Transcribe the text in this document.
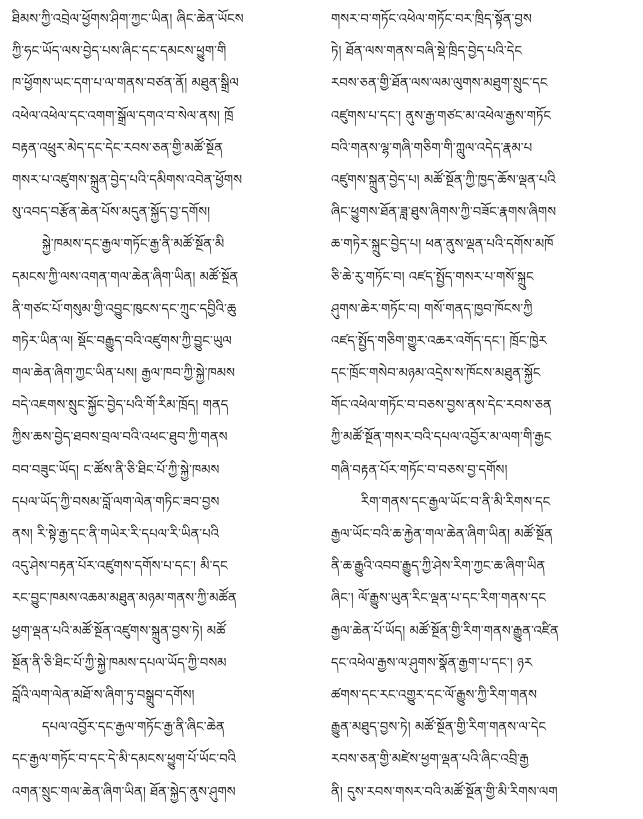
ཐིམས་ཀྱི་འབྲེལ་ཕྱོགས་ཤིག་ཀྱང་ཡིན། ཞིང་ཆེན་ཡོངས
ཀྱི་ཧང་ཡོད་ལས་བྱེད་པས་ཞིང་དང་དམངས་ཕྱུག་གི
ཁ་ཕྱོགས་ཡང་དག་པ་ལ་གནས་བཙན་ནོ། མཐུན་སྒྲིལ
འཕེལ་འཕེལ་དང་འགག་སྒྲོལ་དགའ་བ་སེལ་ནས། ཁྲོ
བརྟན་འཕྲུར་མེད་དང་དེང་རབས་ཅན་གྱི་མཚོ་སྔོན
གསར་པ་འཛུགས་སྐྲུན་བྱེད་པའི་དམིགས་འབེན་ཕྱོགས
སུ་འབད་བརྩོན་ཆེན་པོས་མདུན་སྐྱོད་བྱ་དགོས།
སྐྱེ་ཁམས་དང་རྒྱལ་གཏོང་རྒྱ་ནི་མཚོ་སྔོན་མི
དམངས་ཀྱི་ལས་འགན་གལ་ཆེན་ཞིག་ཡིན། མཚོ་སྔོན
ནི་གཙང་པོ་གསུམ་གྱི་འབྱུང་ཁུངས་དང་ཀྲུང་དབྱིའི་ཆུ
གཏེར་ཡིན་ལ། སྡོང་བརྒྱུད་བའི་འཛུགས་ཀྱི་བྱུང་ཡུལ
གལ་ཆེན་ཞིག་ཀྱང་ཡིན་པས། རྒྱལ་ཁབ་ཀྱི་སྐྱེ་ཁམས
བདེ་འཇགས་སྲུང་སྐྱོང་བྱེད་པའི་གོ་རིམ་ཁྲོད། གནད
ཀྱིས་ཆས་བྱེད་ཐབས་བྲལ་བའི་འཕང་ཐུབ་ཀྱི་གནས
བབ་བཟུང་ཡོད། ང་ཚོས་ནི་ཅི་ཐིང་པོ་ཀྱི་སྐྱེ་ཁམས
དཔལ་ཡོད་ཀྱི་བསམ་བློ་ལག་ལེན་གཏིང་ཟབ་བྱས
ནས། རི་སྟེ་རྒྱ་དང་ནི་གཡེར་རི་དཔལ་རི་ཡིན་པའི
འདུ་ཤེས་བརྟན་པོར་འཛུགས་དགོས་པ་དང་། མི་དང
རང་བྱུང་ཁམས་འཆམ་མཐུན་མཉམ་གནས་ཀྱི་མཚོན
ཕྱག་ལྡན་པའི་མཚོ་སྔོན་འཛུགས་སྐྲུན་བྱས་ཏེ། མཚོ
སྔོན་ནི་ཅི་ཐིང་པོ་ཀྱི་སྐྱེ་ཁམས་དཔལ་ཡོད་ཀྱི་བསམ
བློའི་ལག་ལེན་མཐོ་ས་ཞིག་ཏུ་བསྒྲུབ་དགོས།
དཔལ་འབྱོར་དང་རྒྱལ་གཏོང་རྒྱ་ནི་ཞིང་ཆེན
དང་རྒྱལ་གཏོང་བ་དང་དེ་མི་དམངས་ཕྱུག་པོ་ཡོང་བའི
འགན་སྲུང་གལ་ཆེན་ཞིག་ཡིན། ཐོན་སྐྱེད་ནུས་ཤུགས
གསར་བ་གཏོང་འཕེལ་གཏོང་བར་ཁྲིད་སྟོན་བྱས
ཏེ། ཐོན་ལས་གནས་བཞི་སྡེ་ཁྲིད་བྱེད་པའི་དེང
རབས་ཅན་གྱི་ཐོན་ལས་ལམ་ལུགས་མཐུག་སྲུང་དང
འཛུགས་པ་དང་། ནུས་རྒྱ་གཙང་མ་འཕེལ་རྒྱས་གཏོང
བའི་གནས་ལྷ་གཞི་གཅིག་གི་ཀླུལ་འདེད་རྣམ་པ
འཛུགས་སྐྲུན་བྱེད་པ། མཚོ་སྔོན་ཀྱི་ཁྱད་ཆོས་ལྡན་པའི
ཞིང་ཕྱུགས་ཐོན་ཟླ་ཐུས་ཞིགས་ཀྱི་བཟོང་རྣགས་ཞིགས
ཆ་གཏེར་སྐྲུང་བྱེད་པ། ཕན་ནུས་ལྡན་པའི་དགོས་མཁོ
ཅི་ཆེ་རུ་གཏོང་བ། འཛད་སྤྱོད་གསར་པ་གསོ་སྐྲུང
ཤུགས་ཆེར་གཏོང་བ། གསོ་གནད་ཁྱབ་ཁོངས་ཀྱི
འཛད་སྤྱོད་གཅིག་གྱུར་འཆར་འགོད་དང་། ཁྲོང་ཁྱེར
དང་ཁྲོང་གསེབ་མཉམ་འདྲེས་ས་ཁོངས་མཐུན་སྐྱོང
གོང་འཕེལ་གཏོང་བ་བཅས་བྱས་ནས་དེང་རབས་ཅན
ཀྱི་མཚོ་སྔོན་གསར་བའི་དཔལ་འབྱོར་མ་ལག་གི་རྒྱང
གཞི་བརྟན་པོར་གཏོང་བ་བཅས་བྱ་དགོས།
རིག་གནས་དང་རྒྱལ་ཡོང་བ་ནི་མི་རིགས་དང
རྒྱལ་ཡོང་བའི་ཆ་རྐྱེན་གལ་ཆེན་ཞིག་ཡིན། མཚོ་སྔོན
ནི་ཆ་རྒྱུའི་འབབ་རྒྱུད་ཀྱི་ཤེས་རིག་ཀྱང་ཆ་ཞིག་ཡིན
ཞིང་། ལོ་རྒྱུས་ཡུན་རིང་ལྡན་པ་དང་རིག་གནས་དང
རྒྱལ་ཆེན་པོ་ཡོད། མཚོ་སྔོན་གྱི་རིག་གནས་རྒྱུན་འཛིན
དང་འཕེལ་རྒྱས་ལ་ཤུགས་སྣོན་རྒྱག་པ་དང་། ཉར
ཚགས་དང་རང་འགྱུར་དང་ལོ་རྒྱུས་ཀྱི་རིག་གནས
རྒྱུན་མཐུད་བྱས་ཏེ། མཚོ་སྔོན་གྱི་རིག་གནས་ལ་དེང
རབས་ཅན་གྱི་མཛེས་ཕྱག་ལྡན་པའི་ཞིང་འབྲི་རྒྱ
ནི། དུས་རབས་གསར་བའི་མཚོ་སྔོན་གྱི་མི་རིགས་ལག
